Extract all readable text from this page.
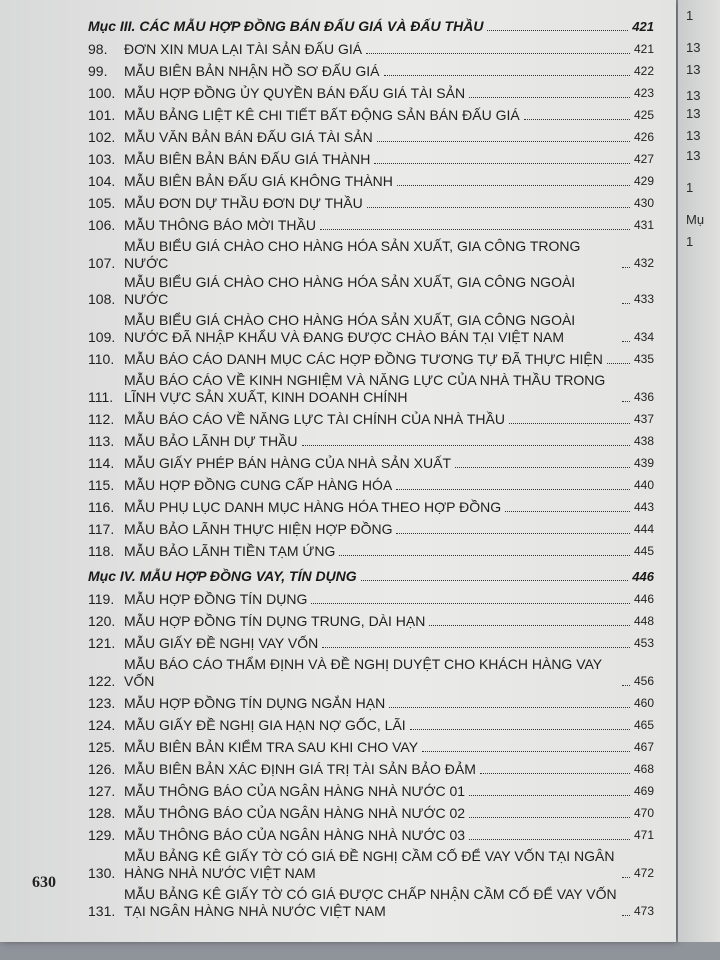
Mục III. CÁC MẪU HỢP ĐỒNG BÁN ĐẤU GIÁ VÀ ĐẤU THẦU	421
98.	ĐƠN XIN MUA LẠI TÀI SẢN ĐẤU GIÁ	421
99.	MẪU BIÊN BẢN NHẬN HỒ SƠ ĐẤU GIÁ	422
100. MẪU HỢP ĐỒNG ỦY QUYỀN BÁN ĐẤU GIÁ TÀI SẢN	423
101. MẪU BẢNG LIỆT KÊ CHI TIẾT BẤT ĐỘNG SẢN BÁN ĐẤU GIÁ	425
102. MẪU VĂN BẢN BÁN ĐẤU GIÁ TÀI SẢN	426
103. MẪU BIÊN BẢN BÁN ĐẤU GIÁ THÀNH	427
104. MẪU BIÊN BẢN ĐẤU GIÁ KHÔNG THÀNH	429
105. MẪU ĐƠN DỰ THẦU ĐƠN DỰ THẦU	430
106. MẪU THÔNG BÁO MỜI THẦU	431
107.
MẪU BIỂU GIÁ CHÀO CHO HÀNG HÓA SẢN XUẤT, GIA CÔNG TRONG NƯỚC	432
108.
MẪU BIỂU GIÁ CHÀO CHO HÀNG HÓA SẢN XUẤT, GIA CÔNG NGOÀI NƯỚC	433
109.
MẪU BIỂU GIÁ CHÀO CHO HÀNG HÓA SẢN XUẤT, GIA CÔNG NGOÀI NƯỚC ĐÃ NHẬP KHẨU VÀ ĐANG ĐƯỢC CHÀO BÁN TẠI VIỆT NAM	434
110. MẪU BÁO CÁO DANH MỤC CÁC HỢP ĐỒNG TƯƠNG TỰ ĐÃ THỰC HIỆN	435
111.
MẪU BÁO CÁO VỀ KINH NGHIỆM VÀ NĂNG LỰC CỦA NHÀ THẦU TRONG LĨNH VỰC SẢN XUẤT, KINH DOANH CHÍNH	436
112. MẪU BÁO CÁO VỀ NĂNG LỰC TÀI CHÍNH CỦA NHÀ THẦU	437
113. MẪU BẢO LÃNH DỰ THẦU	438
114. MẪU GIẤY PHÉP BÁN HÀNG CỦA NHÀ SẢN XUẤT	439
115. MẪU HỢP ĐỒNG CUNG CẤP HÀNG HÓA	440
116. MẪU PHỤ LỤC DANH MỤC HÀNG HÓA THEO HỢP ĐỒNG	443
117. MẪU BẢO LÃNH THỰC HIỆN HỢP ĐỒNG	444
118. MẪU BẢO LÃNH TIỀN TẠM ỨNG	445
Mục IV. MẪU HỢP ĐỒNG VAY, TÍN DỤNG	446
119. MẪU HỢP ĐỒNG TÍN DỤNG	446
120. MẪU HỢP ĐỒNG TÍN DỤNG TRUNG, DÀI HẠN	448
121. MẪU GIẤY ĐỀ NGHỊ VAY VỐN	453
122.
MẪU BÁO CÁO THẨM ĐỊNH VÀ ĐỀ NGHỊ DUYỆT CHO KHÁCH HÀNG VAY VỐN	456
123. MẪU HỢP ĐỒNG TÍN DỤNG NGẮN HẠN	460
124. MẪU GIẤY ĐỀ NGHỊ GIA HẠN NỢ GỐC, LÃI	465
125. MẪU BIÊN BẢN KIỂM TRA SAU KHI CHO VAY	467
126. MẪU BIÊN BẢN XÁC ĐỊNH GIÁ TRỊ TÀI SẢN BẢO ĐẢM	468
127. MẪU THÔNG BÁO CỦA NGÂN HÀNG NHÀ NƯỚC 01	469
128. MẪU THÔNG BÁO CỦA NGÂN HÀNG NHÀ NƯỚC 02	470
129. MẪU THÔNG BÁO CỦA NGÂN HÀNG NHÀ NƯỚC 03	471
130.
MẪU BẢNG KÊ GIẤY TỜ CÓ GIÁ ĐỀ NGHỊ CẦM CỐ ĐỂ VAY VỐN TẠI NGÂN HÀNG NHÀ NƯỚC VIỆT NAM	472
131.
MẪU BẢNG KÊ GIẤY TỜ CÓ GIÁ ĐƯỢC CHẤP NHẬN CẦM CỐ ĐỂ VAY VỐN TẠI NGÂN HÀNG NHÀ NƯỚC VIỆT NAM	473
630
1
13
13
13
13
13
13
1
Mụ
1
